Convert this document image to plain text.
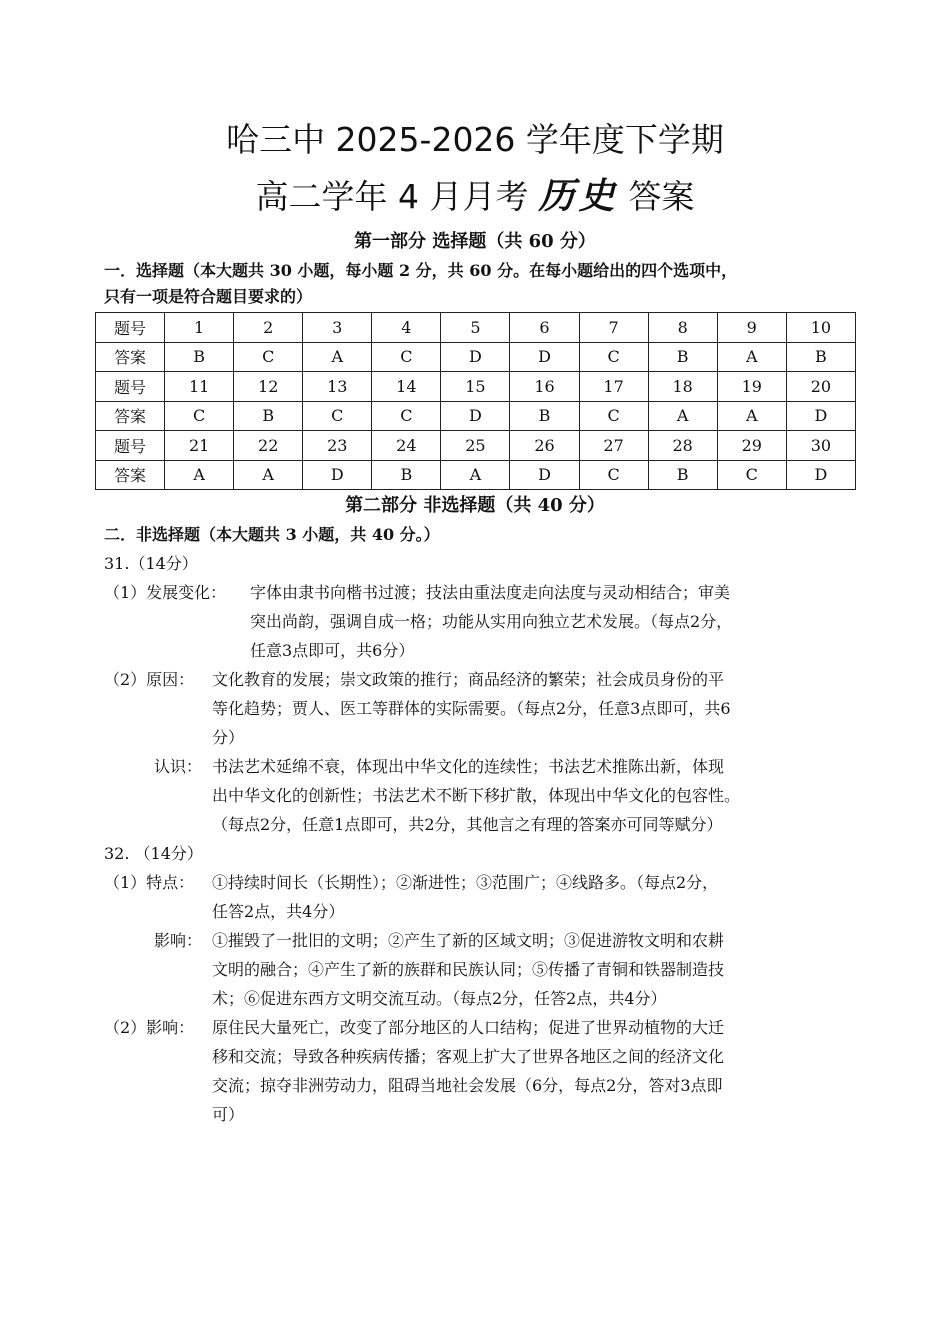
哈三中 2025-2026 学年度下学期
高二学年 4 月月考 历史 答案
第一部分 选择题（共 60 分）
一．选择题（本大题共 30 小题，每小题 2 分，共 60 分。在每小题给出的四个选项中，
只有一项是符合题目要求的）
题号	1	2	3	4	5	6	7	8	9	10
答案	B	C	A	C	D	D	C	B	A	B
题号	11	12	13	14	15	16	17	18	19	20
答案	C	B	C	C	D	B	C	A	A	D
题号	21	22	23	24	25	26	27	28	29	30
答案	A	A	D	B	A	D	C	B	C	D
第二部分 非选择题（共 40 分）
二．非选择题（本大题共 3 小题，共 40 分。）
31.（14分）
（1）发展变化： 字体由隶书向楷书过渡；技法由重法度走向法度与灵动相结合；审美
突出尚韵，强调自成一格；功能从实用向独立艺术发展。（每点2分，
任意3点即可，共6分）
（2）原因： 文化教育的发展；崇文政策的推行；商品经济的繁荣；社会成员身份的平
等化趋势；贾人、医工等群体的实际需要。（每点2分，任意3点即可，共6
分）
认识： 书法艺术延绵不衰，体现出中华文化的连续性；书法艺术推陈出新，体现
出中华文化的创新性；书法艺术不断下移扩散，体现出中华文化的包容性。
（每点2分，任意1点即可，共2分，其他言之有理的答案亦可同等赋分）
32. （14分）
（1）特点： ①持续时间长（长期性）；②渐进性；③范围广；④线路多。（每点2分，
任答2点，共4分）
影响： ①摧毁了一批旧的文明；②产生了新的区域文明；③促进游牧文明和农耕
文明的融合；④产生了新的族群和民族认同；⑤传播了青铜和铁器制造技
术；⑥促进东西方文明交流互动。（每点2分，任答2点，共4分）
（2）影响： 原住民大量死亡，改变了部分地区的人口结构；促进了世界动植物的大迁
移和交流；导致各种疾病传播；客观上扩大了世界各地区之间的经济文化
交流；掠夺非洲劳动力，阻碍当地社会发展（6分，每点2分，答对3点即
可）
